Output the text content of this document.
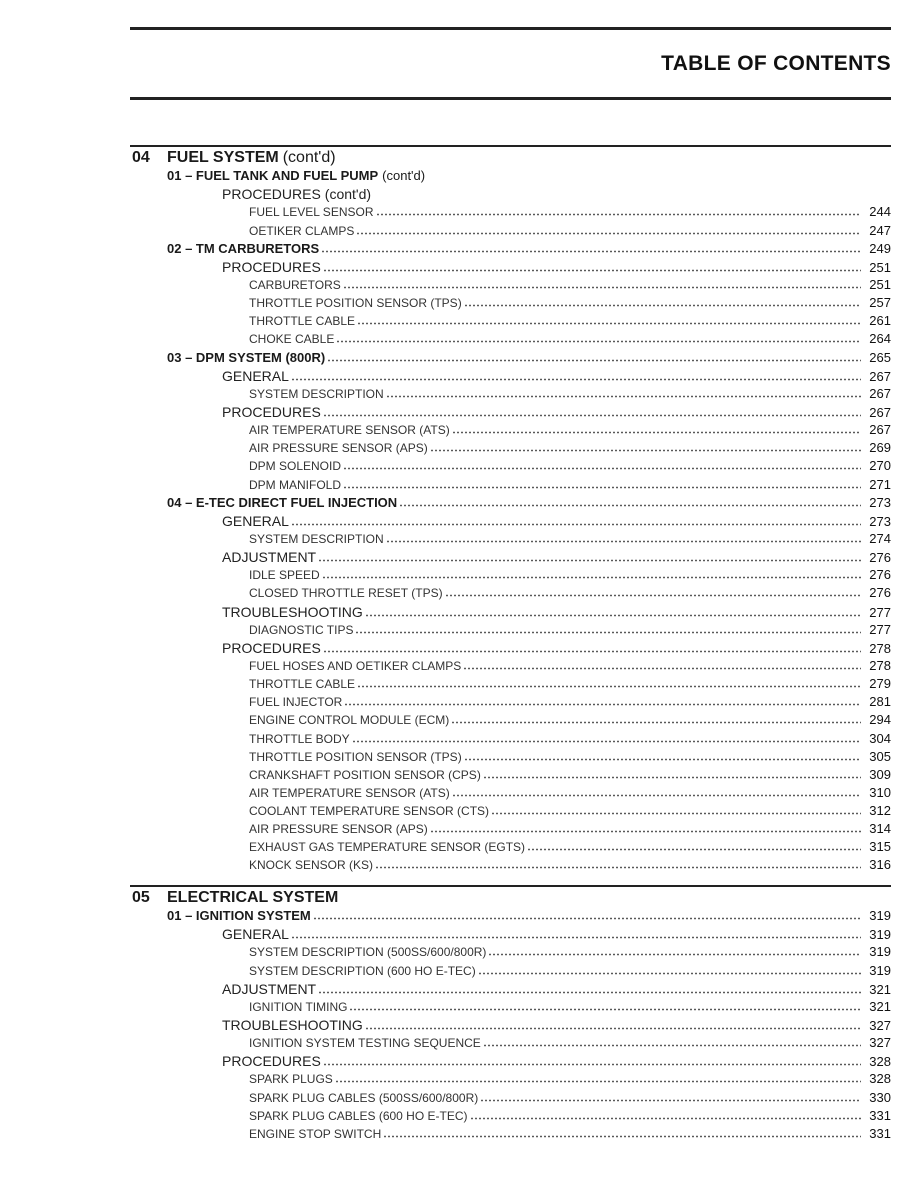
TABLE OF CONTENTS
04	FUEL SYSTEM (cont'd)
01 – FUEL TANK AND FUEL PUMP (cont'd)
PROCEDURES (cont'd)
FUEL LEVEL SENSOR	244
OETIKER CLAMPS	247
02 – TM CARBURETORS	249
PROCEDURES	251
CARBURETORS	251
THROTTLE POSITION SENSOR (TPS)	257
THROTTLE CABLE	261
CHOKE CABLE	264
03 – DPM SYSTEM (800R)	265
GENERAL	267
SYSTEM DESCRIPTION	267
PROCEDURES	267
AIR TEMPERATURE SENSOR (ATS)	267
AIR PRESSURE SENSOR (APS)	269
DPM SOLENOID	270
DPM MANIFOLD	271
04 – E-TEC DIRECT FUEL INJECTION	273
GENERAL	273
SYSTEM DESCRIPTION	274
ADJUSTMENT	276
IDLE SPEED	276
CLOSED THROTTLE RESET (TPS)	276
TROUBLESHOOTING	277
DIAGNOSTIC TIPS	277
PROCEDURES	278
FUEL HOSES AND OETIKER CLAMPS	278
THROTTLE CABLE	279
FUEL INJECTOR	281
ENGINE CONTROL MODULE (ECM)	294
THROTTLE BODY	304
THROTTLE POSITION SENSOR (TPS)	305
CRANKSHAFT POSITION SENSOR (CPS)	309
AIR TEMPERATURE SENSOR (ATS)	310
COOLANT TEMPERATURE SENSOR (CTS)	312
AIR PRESSURE SENSOR (APS)	314
EXHAUST GAS TEMPERATURE SENSOR (EGTS)	315
KNOCK SENSOR (KS)	316
05	ELECTRICAL SYSTEM
01 – IGNITION SYSTEM	319
GENERAL	319
SYSTEM DESCRIPTION (500SS/600/800R)	319
SYSTEM DESCRIPTION (600 HO E-TEC)	319
ADJUSTMENT	321
IGNITION TIMING	321
TROUBLESHOOTING	327
IGNITION SYSTEM TESTING SEQUENCE	327
PROCEDURES	328
SPARK PLUGS	328
SPARK PLUG CABLES (500SS/600/800R)	330
SPARK PLUG CABLES (600 HO E-TEC)	331
ENGINE STOP SWITCH	331
